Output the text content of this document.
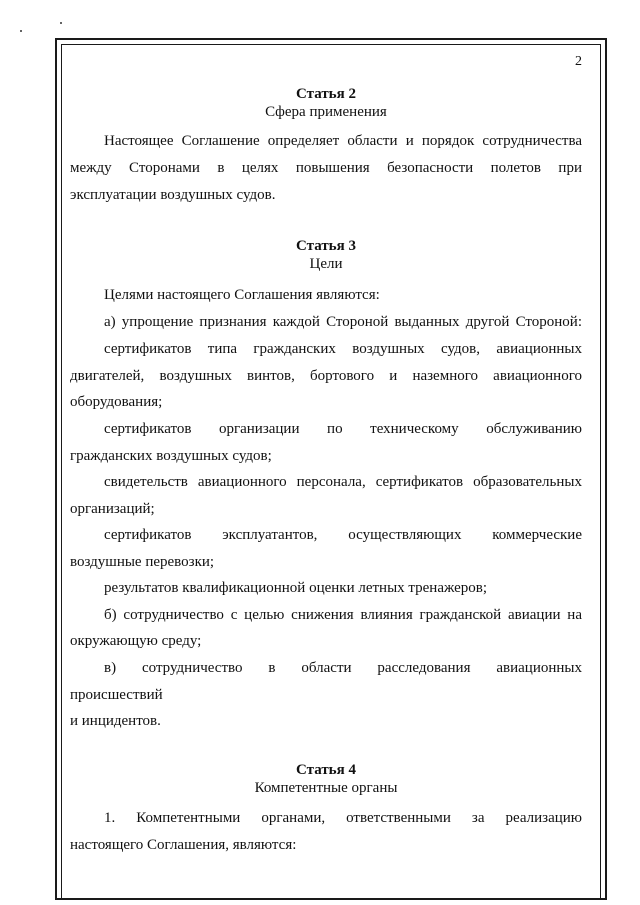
2
Статья 2
Сфера применения
Настоящее Соглашение определяет области и порядок сотрудничества
между Сторонами в целях повышения безопасности полетов при
эксплуатации воздушных судов.
Статья 3
Цели
Целями настоящего Соглашения являются:
а) упрощение признания каждой Стороной выданных другой Стороной:
сертификатов типа гражданских воздушных судов, авиационных
двигателей, воздушных винтов, бортового и наземного авиационного
оборудования;
сертификатов организации по техническому обслуживанию
гражданских воздушных судов;
свидетельств авиационного персонала, сертификатов образовательных
организаций;
сертификатов эксплуатантов, осуществляющих коммерческие
воздушные перевозки;
результатов квалификационной оценки летных тренажеров;
б) сотрудничество с целью снижения влияния гражданской авиации на
окружающую среду;
в) сотрудничество в области расследования авиационных
происшествий
и инцидентов.
Статья 4
Компетентные органы
1. Компетентными органами, ответственными за реализацию
настоящего Соглашения, являются:
